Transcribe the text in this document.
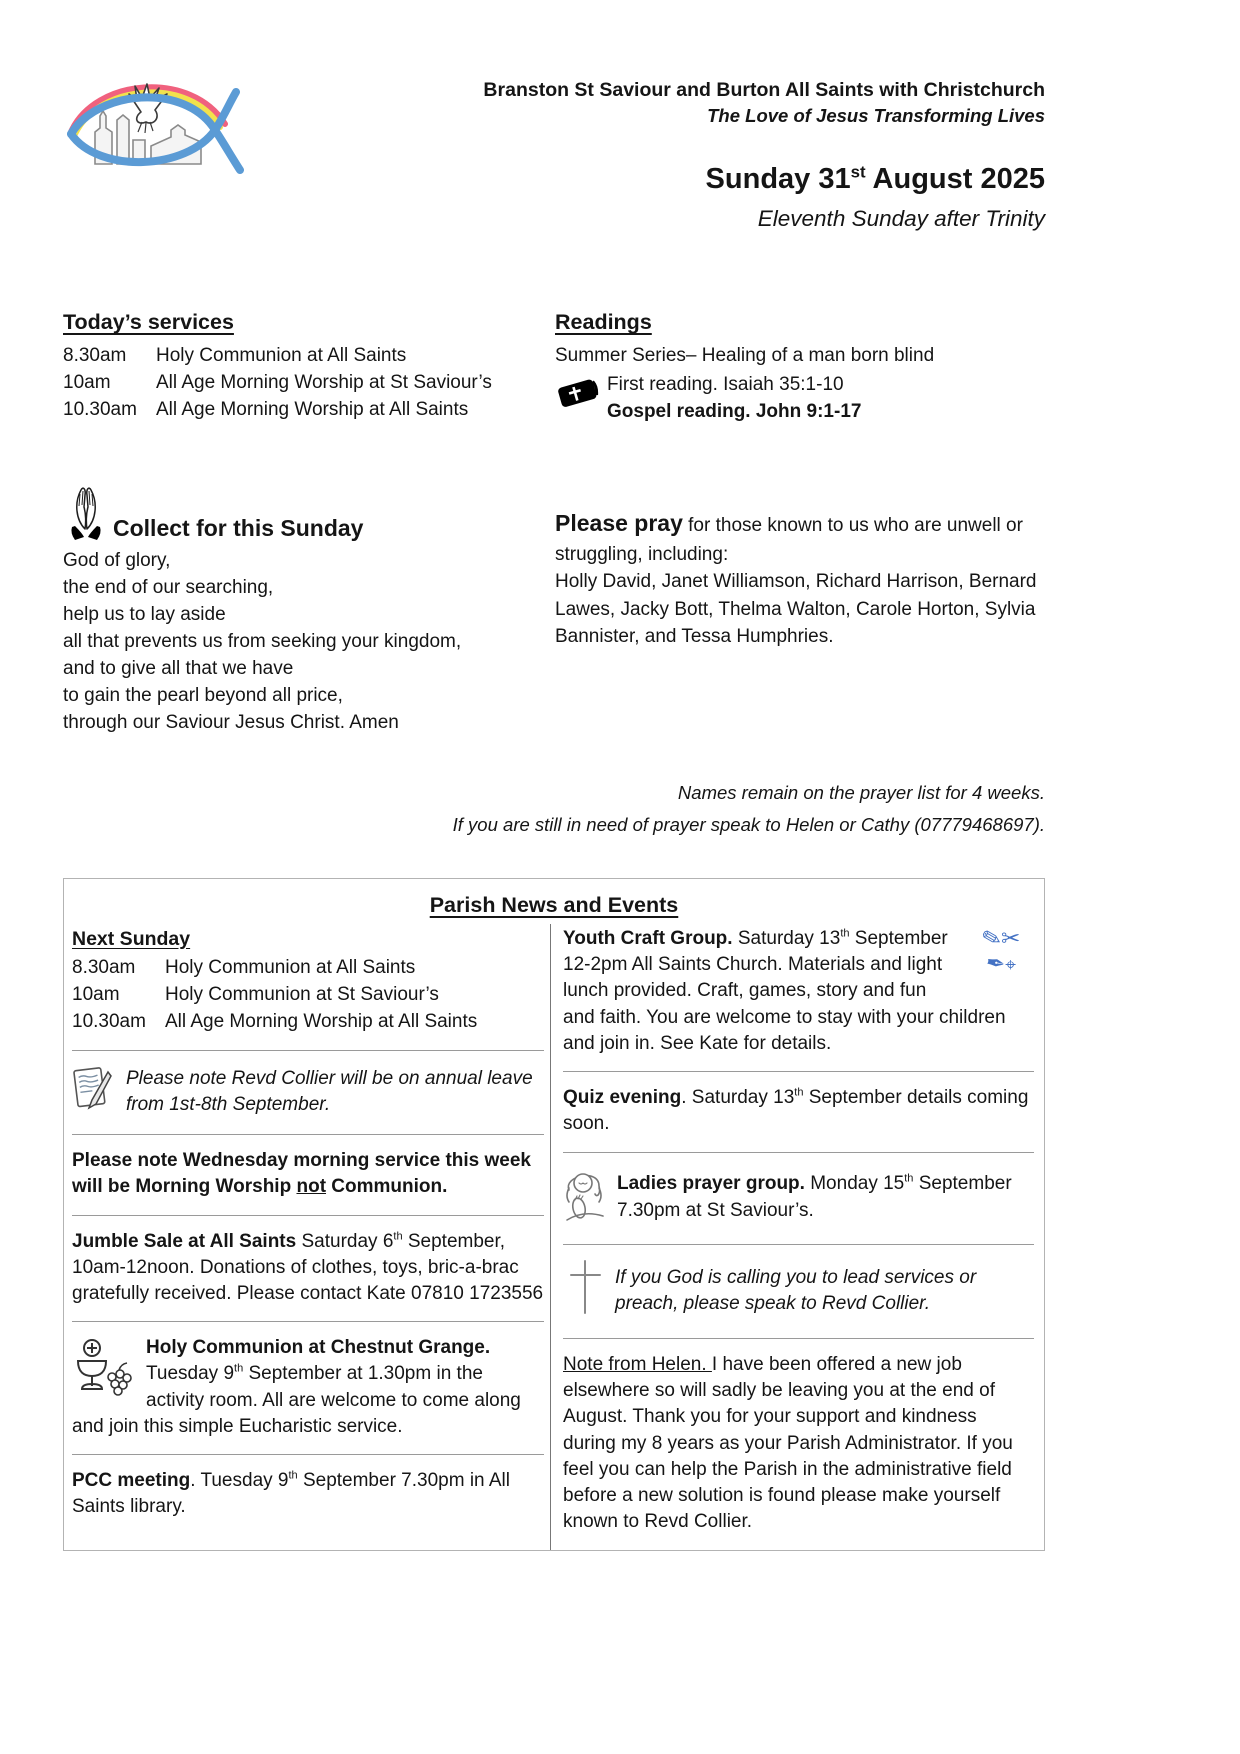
Branston St Saviour and Burton All Saints with Christchurch
The Love of Jesus Transforming Lives
Sunday 31st August 2025
Eleventh Sunday after Trinity
Today’s services
8.30am	Holy Communion at All Saints
10am	All Age Morning Worship at St Saviour’s
10.30am	All Age Morning Worship at All Saints
Readings
Summer Series– Healing of a man born blind
First reading. Isaiah 35:1-10
Gospel reading. John 9:1-17
Collect for this Sunday
God of glory,
the end of our searching,
help us to lay aside
all that prevents us from seeking your kingdom,
and to give all that we have
to gain the pearl beyond all price,
through our Saviour Jesus Christ. Amen
Please pray for those known to us who are unwell or struggling, including:
Holly David, Janet Williamson, Richard Harrison, Bernard Lawes, Jacky Bott, Thelma Walton, Carole Horton, Sylvia Bannister, and Tessa Humphries.
Names remain on the prayer list for 4 weeks.
If you are still in need of prayer speak to Helen or Cathy (07779468697).
Parish News and Events
Next Sunday
8.30am	Holy Communion at All Saints
10am	Holy Communion at St Saviour’s
10.30am	All Age Morning Worship at All Saints
Please note Revd Collier will be on annual leave from 1st-8th September.
Please note Wednesday morning service this week will be Morning Worship not Communion.
Jumble Sale at All Saints Saturday 6th September, 10am-12noon. Donations of clothes, toys, bric-a-brac gratefully received. Please contact Kate 07810 1723556
Holy Communion at Chestnut Grange. Tuesday 9th September at 1.30pm in the activity room. All are welcome to come along and join this simple Eucharistic service.
PCC meeting. Tuesday 9th September 7.30pm in All Saints library.
✎✂
✒⌖
Youth Craft Group. Saturday 13th September 12-2pm All Saints Church. Materials and light lunch provided. Craft, games, story and fun and faith. You are welcome to stay with your children and join in. See Kate for details.
Quiz evening. Saturday 13th September details coming soon.
Ladies prayer group. Monday 15th September 7.30pm at St Saviour’s.
If you God is calling you to lead services or preach, please speak to Revd Collier.
Note from Helen. I have been offered a new job elsewhere so will sadly be leaving you at the end of August. Thank you for your support and kindness during my 8 years as your Parish Administrator. If you feel you can help the Parish in the administrative field before a new solution is found please make yourself known to Revd Collier.
